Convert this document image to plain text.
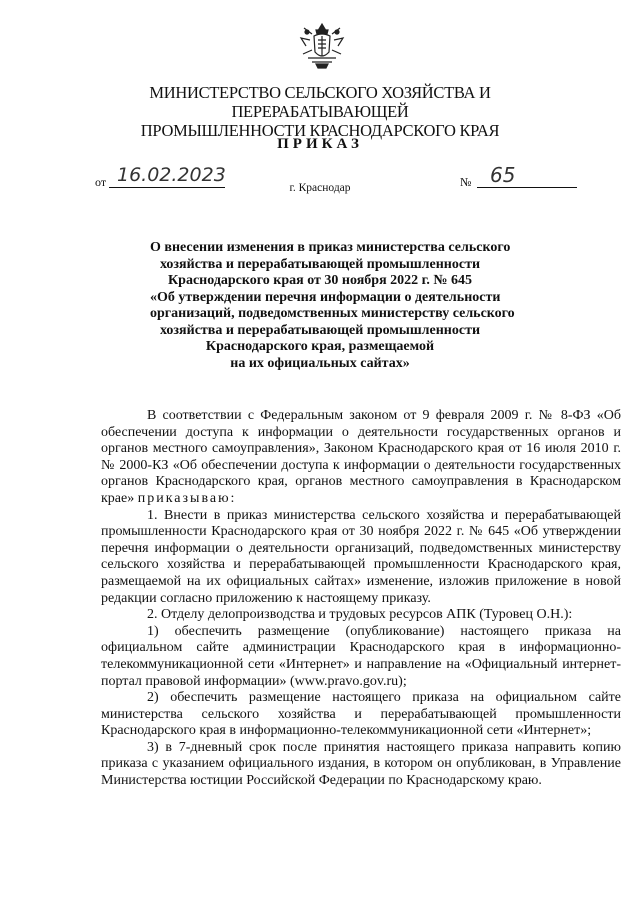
МИНИСТЕРСТВО СЕЛЬСКОГО ХОЗЯЙСТВА И ПЕРЕРАБАТЫВАЮЩЕЙ
ПРОМЫШЛЕННОСТИ КРАСНОДАРСКОГО КРАЯ
ПРИКАЗ
от 16.02.2023	№ 65
г. Краснодар
О внесении изменения в приказ министерства сельского
хозяйства и перерабатывающей промышленности
Краснодарского края от 30 ноября 2022 г. № 645
«Об утверждении перечня информации о деятельности
организаций, подведомственных министерству сельского
хозяйства и перерабатывающей промышленности
Краснодарского края, размещаемой
на их официальных сайтах»

В соответствии с Федеральным законом от 9 февраля 2009 г. № 8-ФЗ «Об обеспечении доступа к информации о деятельности государственных органов и органов местного самоуправления», Законом Краснодарского края от 16 июля 2010 г. № 2000-КЗ «Об обеспечении доступа к информации о деятельности государственных органов Краснодарского края, органов местного самоуправления в Краснодарском крае» приказываю:

1. Внести в приказ министерства сельского хозяйства и перерабатывающей промышленности Краснодарского края от 30 ноября 2022 г. № 645 «Об утверждении перечня информации о деятельности организаций, подведомственных министерству сельского хозяйства и перерабатывающей промышленности Краснодарского края, размещаемой на их официальных сайтах» изменение, изложив приложение в новой редакции согласно приложению к настоящему приказу.

2. Отделу делопроизводства и трудовых ресурсов АПК (Туровец О.Н.):

1) обеспечить размещение (опубликование) настоящего приказа на официальном сайте администрации Краснодарского края в информационно-телекоммуникационной сети «Интернет» и направление на «Официальный интернет-портал правовой информации» (www.pravo.gov.ru);

2) обеспечить размещение настоящего приказа на официальном сайте министерства сельского хозяйства и перерабатывающей промышленности Краснодарского края в информационно-телекоммуникационной сети «Интернет»;

3) в 7-дневный срок после принятия настоящего приказа направить копию приказа с указанием официального издания, в котором он опубликован, в Управление Министерства юстиции Российской Федерации по Краснодарскому краю.
